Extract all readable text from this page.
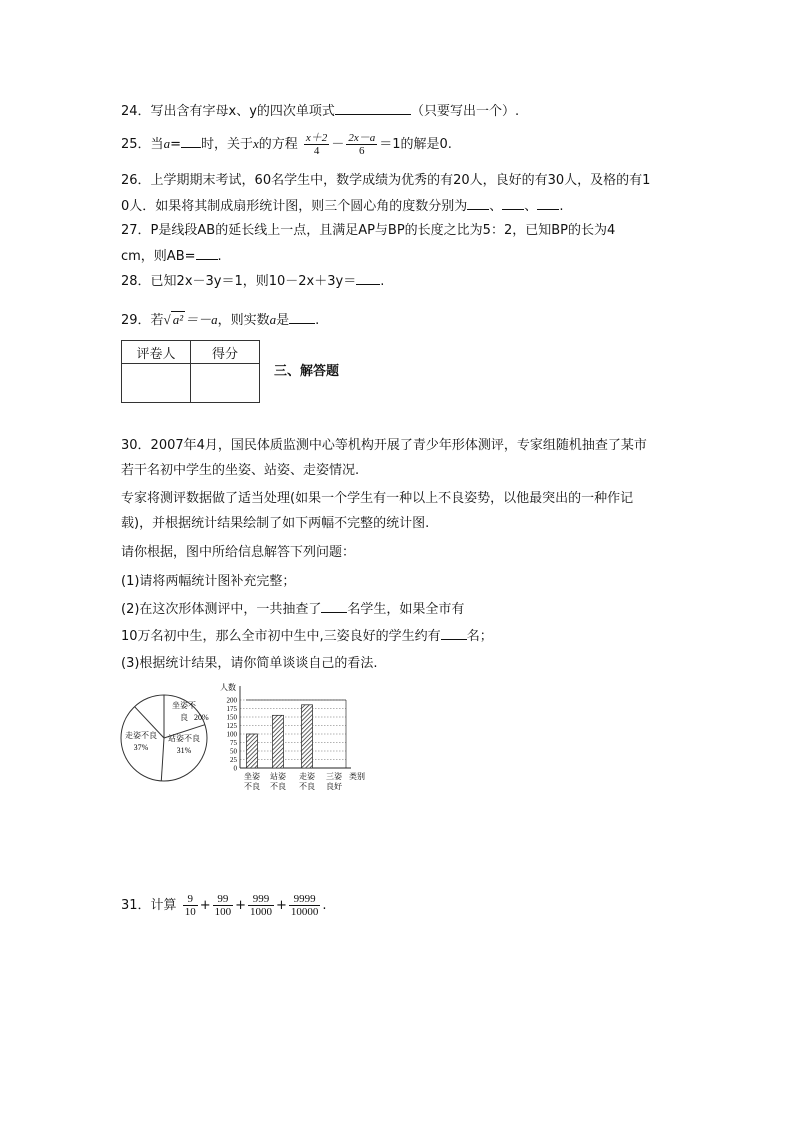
24．写出含有字母x、y的四次单项式	（只要写出一个）.
25．当a= 时，关于x的方程 $\frac{x+2}{4} - \frac{2x-a}{6} =1$的解是0.
26．上学期期末考试，60名学生中，数学成绩为优秀的有20人，良好的有30人，及格的有1
0人．如果将其制成扇形统计图，则三个圆心角的度数分别为 、 、 .
27．P是线段AB的延长线上一点，且满足AP与BP的长度之比为5：2，已知BP的长为4
cm，则AB= .
28．已知2x－3y＝1，则10－2x＋3y＝ .
29．若√ a² ＝－a，则实数a是 .
评卷人	得分

三、解答题
30．2007年4月，国民体质监测中心等机构开展了青少年形体测评，专家组随机抽查了某市
若干名初中学生的坐姿、站姿、走姿情况.
专家将测评数据做了适当处理(如果一个学生有一种以上不良姿势，以他最突出的一种作记
载)，并根据统计结果绘制了如下两幅不完整的统计图.
请你根据，图中所给信息解答下列问题：
(1)请将两幅统计图补充完整；
(2)在这次形体测评中，一共抽查了 名学生，如果全市有
10万名初中生，那么全市初中生中,三姿良好的学生约有 名；
(3)根据统计结果，请你简单谈谈自己的看法.
坐姿不
良 20%
站姿不良
31%
走姿不良
37%
0
25
50
75
100
125
150
175
200
人数
类别
坐姿
不良
站姿
不良
走姿
不良
三姿
良好
31．计算 $\frac{9}{10} + \frac{99}{100} + \frac{999}{1000} + \frac{9999}{10000}$ .
